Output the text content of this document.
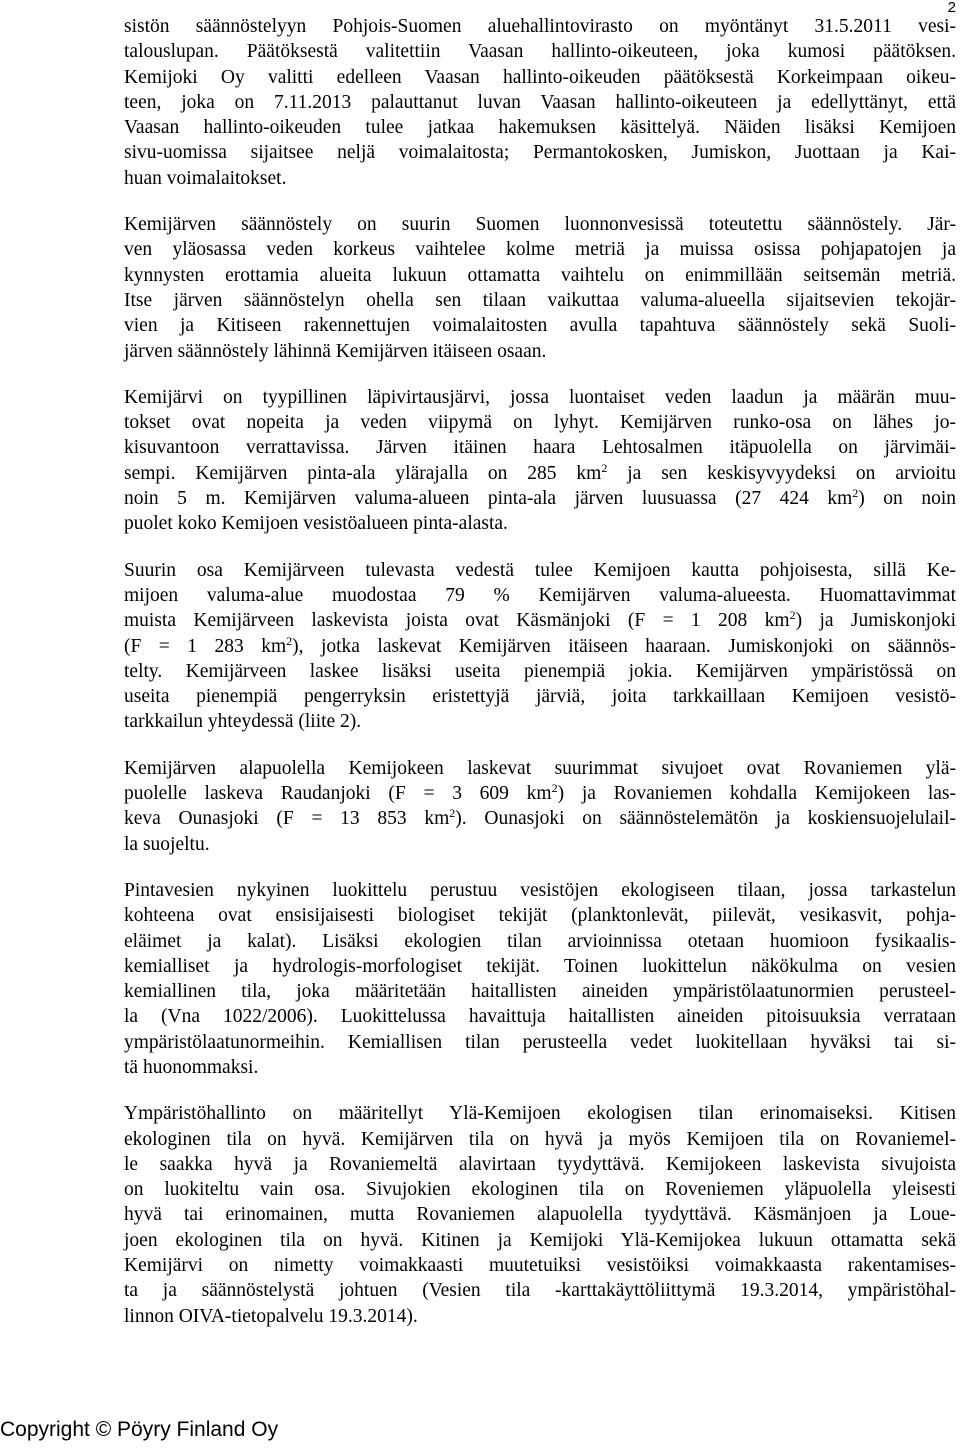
2

sistön säännöstelyyn Pohjois-Suomen aluehallintovirasto on myöntänyt 31.5.2011 vesi-
talouslupan. Päätöksestä valitettiin Vaasan hallinto-oikeuteen, joka kumosi päätöksen.
Kemijoki Oy valitti edelleen Vaasan hallinto-oikeuden päätöksestä Korkeimpaan oikeu-
teen, joka on 7.11.2013 palauttanut luvan Vaasan hallinto-oikeuteen ja edellyttänyt, että
Vaasan hallinto-oikeuden tulee jatkaa hakemuksen käsittelyä. Näiden lisäksi Kemijoen
sivu-uomissa sijaitsee neljä voimalaitosta; Permantokosken, Jumiskon, Juottaan ja Kai-
huan voimalaitokset.

Kemijärven säännöstely on suurin Suomen luonnonvesissä toteutettu säännöstely. Jär-
ven yläosassa veden korkeus vaihtelee kolme metriä ja muissa osissa pohjapatojen ja
kynnysten erottamia alueita lukuun ottamatta vaihtelu on enimmillään seitsemän metriä.
Itse järven säännöstelyn ohella sen tilaan vaikuttaa valuma-alueella sijaitsevien tekojär-
vien ja Kitiseen rakennettujen voimalaitosten avulla tapahtuva säännöstely sekä Suoli-
järven säännöstely lähinnä Kemijärven itäiseen osaan.

Kemijärvi on tyypillinen läpivirtausjärvi, jossa luontaiset veden laadun ja määrän muu-
tokset ovat nopeita ja veden viipymä on lyhyt. Kemijärven runko-osa on lähes jo-
kisuvantoon verrattavissa. Järven itäinen haara Lehtosalmen itäpuolella on järvimäi-
sempi. Kemijärven pinta-ala ylärajalla on 285 $km^2$ ja sen keskisyvyydeksi on arvioitu
noin 5 m. Kemijärven valuma-alueen pinta-ala järven luusuassa (27 424 $km^2$) on noin
puolet koko Kemijoen vesistöalueen pinta-alasta.

Suurin osa Kemijärveen tulevasta vedestä tulee Kemijoen kautta pohjoisesta, sillä Ke-
mijoen valuma-alue muodostaa 79 % Kemijärven valuma-alueesta. Huomattavimmat
muista Kemijärveen laskevista joista ovat Käsmänjoki (F = 1 208 $km^2$) ja Jumiskonjoki
(F = 1 283 $km^2$), jotka laskevat Kemijärven itäiseen haaraan. Jumiskonjoki on säännös-
telty. Kemijärveen laskee lisäksi useita pienempiä jokia. Kemijärven ympäristössä on
useita pienempiä pengerryksin eristettyjä järviä, joita tarkkaillaan Kemijoen vesistö-
tarkkailun yhteydessä (liite 2).

Kemijärven alapuolella Kemijokeen laskevat suurimmat sivujoet ovat Rovaniemen ylä-
puolelle laskeva Raudanjoki (F = 3 609 $km^2$) ja Rovaniemen kohdalla Kemijokeen las-
keva Ounasjoki (F = 13 853 $km^2$). Ounasjoki on säännöstelemätön ja koskiensuojelulail-
la suojeltu.

Pintavesien nykyinen luokittelu perustuu vesistöjen ekologiseen tilaan, jossa tarkastelun
kohteena ovat ensisijaisesti biologiset tekijät (planktonlevät, piilevät, vesikasvit, pohja-
eläimet ja kalat). Lisäksi ekologien tilan arvioinnissa otetaan huomioon fysikaalis-
kemialliset ja hydrologis-morfologiset tekijät. Toinen luokittelun näkökulma on vesien
kemiallinen tila, joka määritetään haitallisten aineiden ympäristölaatunormien perusteel-
la (Vna 1022/2006). Luokittelussa havaittuja haitallisten aineiden pitoisuuksia verrataan
ympäristölaatunormeihin. Kemiallisen tilan perusteella vedet luokitellaan hyväksi tai si-
tä huonommaksi.

Ympäristöhallinto on määritellyt Ylä-Kemijoen ekologisen tilan erinomaiseksi. Kitisen
ekologinen tila on hyvä. Kemijärven tila on hyvä ja myös Kemijoen tila on Rovaniemel-
le saakka hyvä ja Rovaniemeltä alavirtaan tyydyttävä. Kemijokeen laskevista sivujoista
on luokiteltu vain osa. Sivujokien ekologinen tila on Roveniemen yläpuolella yleisesti
hyvä tai erinomainen, mutta Rovaniemen alapuolella tyydyttävä. Käsmänjoen ja Loue-
joen ekologinen tila on hyvä. Kitinen ja Kemijoki Ylä-Kemijokea lukuun ottamatta sekä
Kemijärvi on nimetty voimakkaasti muutetuiksi vesistöiksi voimakkaasta rakentamises-
ta ja säännöstelystä johtuen (Vesien tila -karttakäyttöliittymä 19.3.2014, ympäristöhal-
linnon OIVA-tietopalvelu 19.3.2014).

Copyright © Pöyry Finland Oy
